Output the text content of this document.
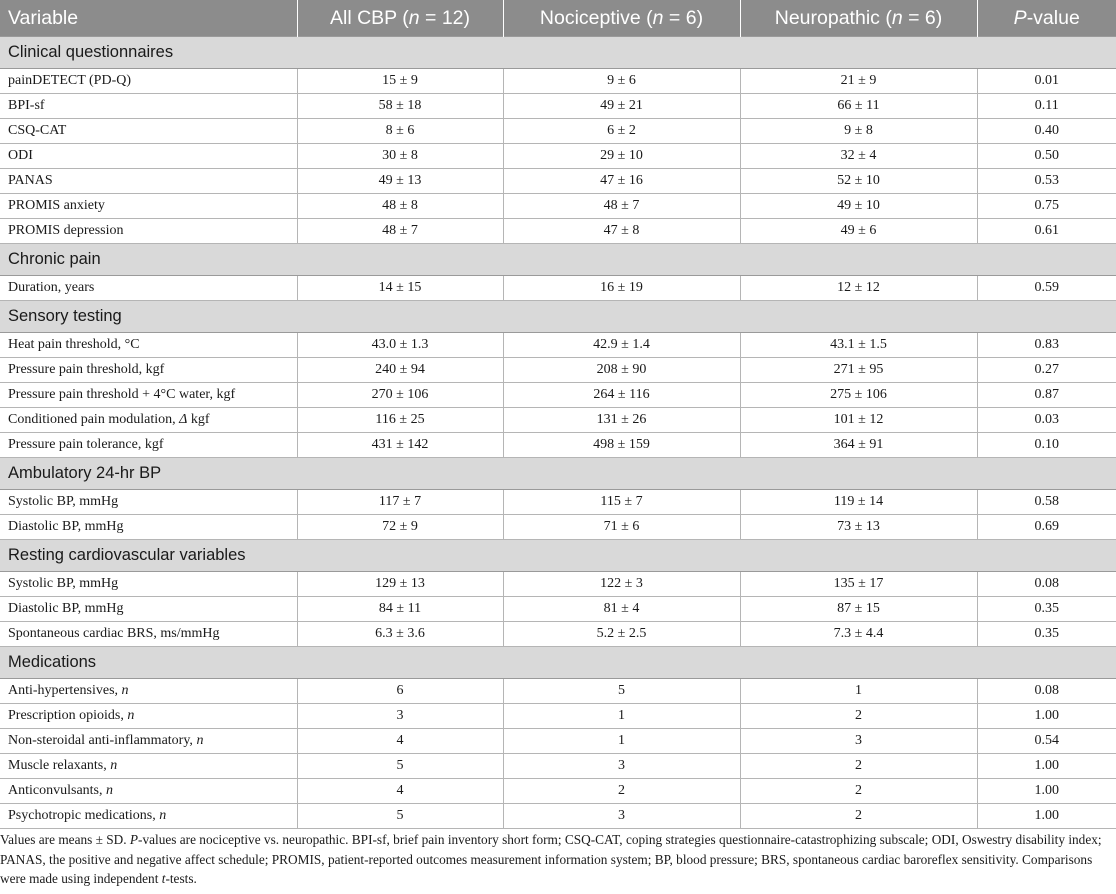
Variable	All CBP (n = 12)	Nociceptive (n = 6)	Neuropathic (n = 6)	P-value
Clinical questionnaires				
painDETECT (PD-Q)	15 ± 9	9 ± 6	21 ± 9	0.01
BPI-sf	58 ± 18	49 ± 21	66 ± 11	0.11
CSQ-CAT	8 ± 6	6 ± 2	9 ± 8	0.40
ODI	30 ± 8	29 ± 10	32 ± 4	0.50
PANAS	49 ± 13	47 ± 16	52 ± 10	0.53
PROMIS anxiety	48 ± 8	48 ± 7	49 ± 10	0.75
PROMIS depression	48 ± 7	47 ± 8	49 ± 6	0.61
Chronic pain				
Duration, years	14 ± 15	16 ± 19	12 ± 12	0.59
Sensory testing				
Heat pain threshold, °C	43.0 ± 1.3	42.9 ± 1.4	43.1 ± 1.5	0.83
Pressure pain threshold, kgf	240 ± 94	208 ± 90	271 ± 95	0.27
Pressure pain threshold + 4°C water, kgf	270 ± 106	264 ± 116	275 ± 106	0.87
Conditioned pain modulation, Δ kgf	116 ± 25	131 ± 26	101 ± 12	0.03
Pressure pain tolerance, kgf	431 ± 142	498 ± 159	364 ± 91	0.10
Ambulatory 24-hr BP				
Systolic BP, mmHg	117 ± 7	115 ± 7	119 ± 14	0.58
Diastolic BP, mmHg	72 ± 9	71 ± 6	73 ± 13	0.69
Resting cardiovascular variables				
Systolic BP, mmHg	129 ± 13	122 ± 3	135 ± 17	0.08
Diastolic BP, mmHg	84 ± 11	81 ± 4	87 ± 15	0.35
Spontaneous cardiac BRS, ms/mmHg	6.3 ± 3.6	5.2 ± 2.5	7.3 ± 4.4	0.35
Medications				
Anti-hypertensives, n	6	5	1	0.08
Prescription opioids, n	3	1	2	1.00
Non-steroidal anti-inflammatory, n	4	1	3	0.54
Muscle relaxants, n	5	3	2	1.00
Anticonvulsants, n	4	2	2	1.00
Psychotropic medications, n	5	3	2	1.00
Values are means ± SD. P-values are nociceptive vs. neuropathic. BPI-sf, brief pain inventory short form; CSQ-CAT, coping strategies questionnaire-catastrophizing subscale; ODI, Oswestry disability index; PANAS, the positive and negative affect schedule; PROMIS, patient-reported outcomes measurement information system; BP, blood pressure; BRS, spontaneous cardiac baroreflex sensitivity. Comparisons were made using independent t-tests.
